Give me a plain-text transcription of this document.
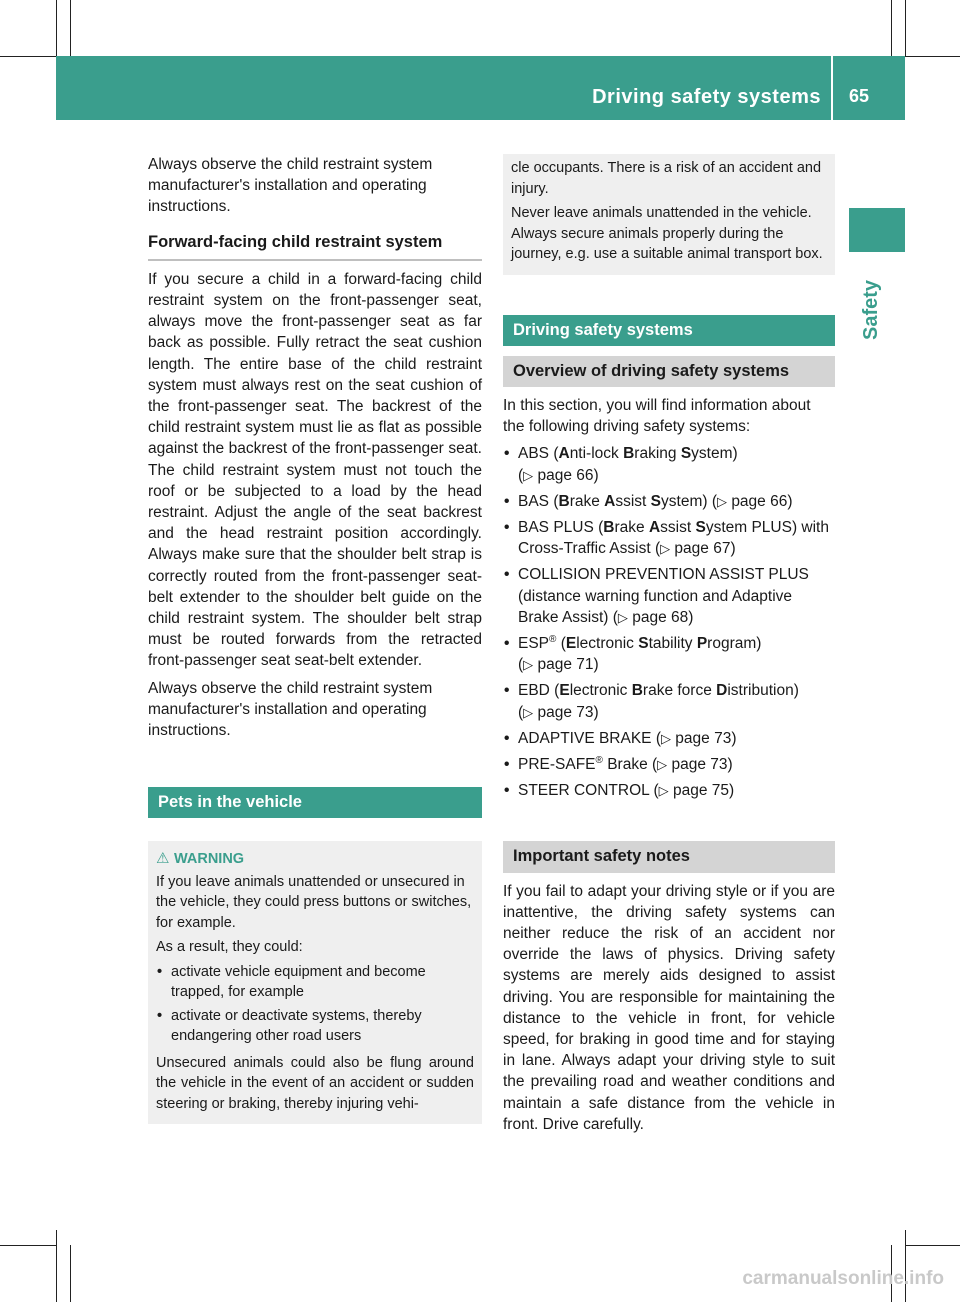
Driving safety systems 65
Safety

Always observe the child restraint system manufacturer's installation and operating instructions.

Forward-facing child restraint system

If you secure a child in a forward-facing child restraint system on the front-passenger seat, always move the front-passenger seat as far back as possible. Fully retract the seat cushion length. The entire base of the child restraint system must always rest on the seat cushion of the front-passenger seat. The backrest of the child restraint system must lie as flat as possible against the backrest of the front-passenger seat. The child restraint system must not touch the roof or be subjected to a load by the head restraint. Adjust the angle of the seat backrest and the head restraint position accordingly. Always make sure that the shoulder belt strap is correctly routed from the front-passenger seat-belt extender to the shoulder belt guide on the child restraint system. The shoulder belt strap must be routed forwards from the retracted front-passenger seat seat-belt extender.

Always observe the child restraint system manufacturer's installation and operating instructions.

Pets in the vehicle
⚠ WARNING

If you leave animals unattended or unsecured in the vehicle, they could press buttons or switches, for example.

As a result, they could:

• activate vehicle equipment and become trapped, for example
• activate or deactivate systems, thereby endangering other road users

Unsecured animals could also be flung around the vehicle in the event of an accident or sudden steering or braking, thereby injuring vehi-

cle occupants. There is a risk of an accident and injury.

Never leave animals unattended in the vehicle. Always secure animals properly during the journey, e.g. use a suitable animal transport box.

Driving safety systems
Overview of driving safety systems

In this section, you will find information about the following driving safety systems:

• ABS (Anti-lock Braking System)
(▷ page 66)
• BAS (Brake Assist System) (▷ page 66)
• BAS PLUS (Brake Assist System PLUS) with Cross-Traffic Assist (▷ page 67)
• COLLISION PREVENTION ASSIST PLUS
(distance warning function and Adaptive Brake Assist) (▷ page 68)
• ESP® (Electronic Stability Program)
(▷ page 71)
• EBD (Electronic Brake force Distribution)
(▷ page 73)
• ADAPTIVE BRAKE (▷ page 73)
• PRE-SAFE® Brake (▷ page 73)
• STEER CONTROL (▷ page 75)
Important safety notes

If you fail to adapt your driving style or if you are inattentive, the driving safety systems can neither reduce the risk of an accident nor override the laws of physics. Driving safety systems are merely aids designed to assist driving. You are responsible for maintaining the distance to the vehicle in front, for vehicle speed, for braking in good time and for staying in lane. Always adapt your driving style to suit the prevailing road and weather conditions and maintain a safe distance from the vehicle in front. Drive carefully.

carmanualsonline.info
